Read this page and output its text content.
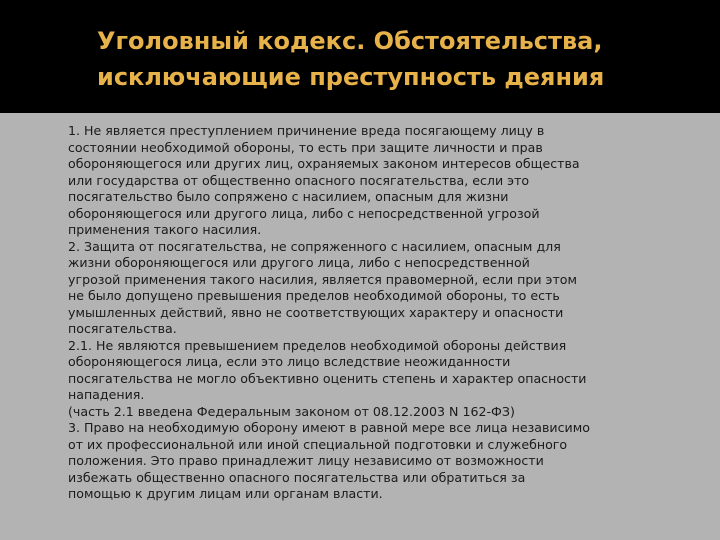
Уголовный кодекс. Обстоятельства,
исключающие преступность деяния

1. Не является преступлением причинение вреда посягающему лицу в
состоянии необходимой обороны, то есть при защите личности и прав
обороняющегося или других лиц, охраняемых законом интересов общества
или государства от общественно опасного посягательства, если это
посягательство было сопряжено с насилием, опасным для жизни
обороняющегося или другого лица, либо с непосредственной угрозой
применения такого насилия.

2. Защита от посягательства, не сопряженного с насилием, опасным для
жизни обороняющегося или другого лица, либо с непосредственной
угрозой применения такого насилия, является правомерной, если при этом
не было допущено превышения пределов необходимой обороны, то есть
умышленных действий, явно не соответствующих характеру и опасности
посягательства.

2.1. Не являются превышением пределов необходимой обороны действия
обороняющегося лица, если это лицо вследствие неожиданности
посягательства не могло объективно оценить степень и характер опасности
нападения.
(часть 2.1 введена Федеральным законом от 08.12.2003 N 162-ФЗ)

3. Право на необходимую оборону имеют в равной мере все лица независимо
от их профессиональной или иной специальной подготовки и служебного
положения. Это право принадлежит лицу независимо от возможности
избежать общественно опасного посягательства или обратиться за
помощью к другим лицам или органам власти.
